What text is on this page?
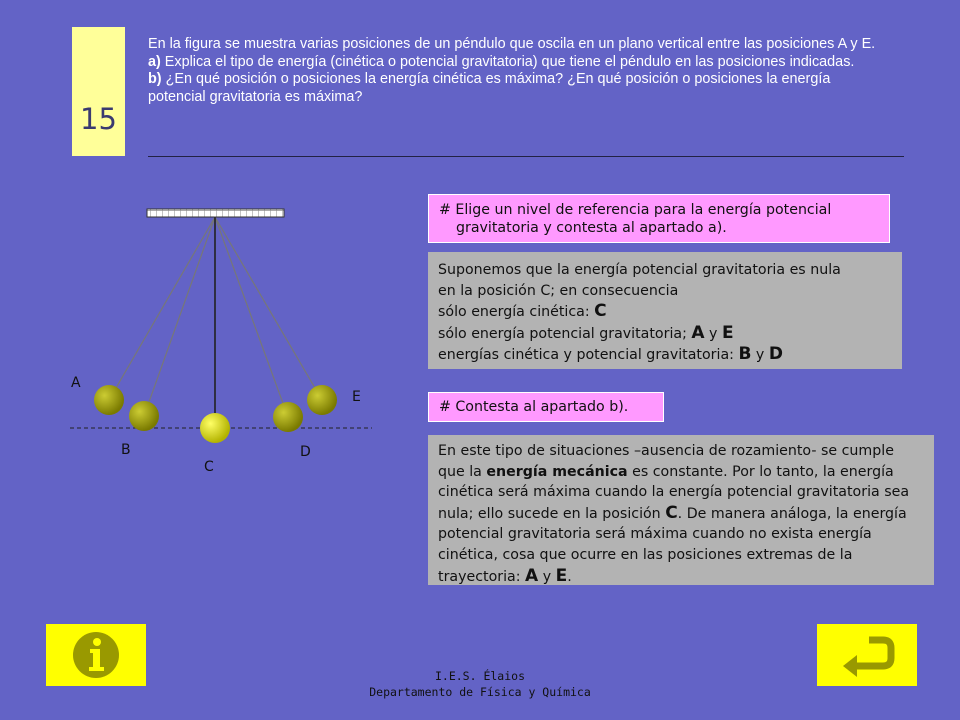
15
En la figura se muestra varias posiciones de un péndulo que oscila en un plano vertical entre las posiciones A y E.
a) Explica el tipo de energía (cinética o potencial gravitatoria) que tiene el péndulo en las posiciones indicadas.
b) ¿En qué posición o posiciones la energía cinética es máxima? ¿En qué posición o posiciones la energía potencial gravitatoria es máxima?
A
B
C
D
E
# Elige un nivel de referencia para la energía potencial
gravitatoria y contesta al apartado a).
Suponemos que la energía potencial gravitatoria es nula
en la posición C; en consecuencia
sólo energía cinética: C
sólo energía potencial gravitatoria; A y E
energías cinética y potencial gravitatoria: B y D
# Contesta al apartado b).
En este tipo de situaciones –ausencia de rozamiento- se cumple que la energía mecánica es constante. Por lo tanto, la energía cinética será máxima cuando la energía potencial gravitatoria sea nula; ello sucede en la posición C. De manera análoga, la energía potencial gravitatoria será máxima cuando no exista energía cinética, cosa que ocurre en las posiciones extremas de la trayectoria: A y E.
I.E.S. Élaios
Departamento de Física y Química
